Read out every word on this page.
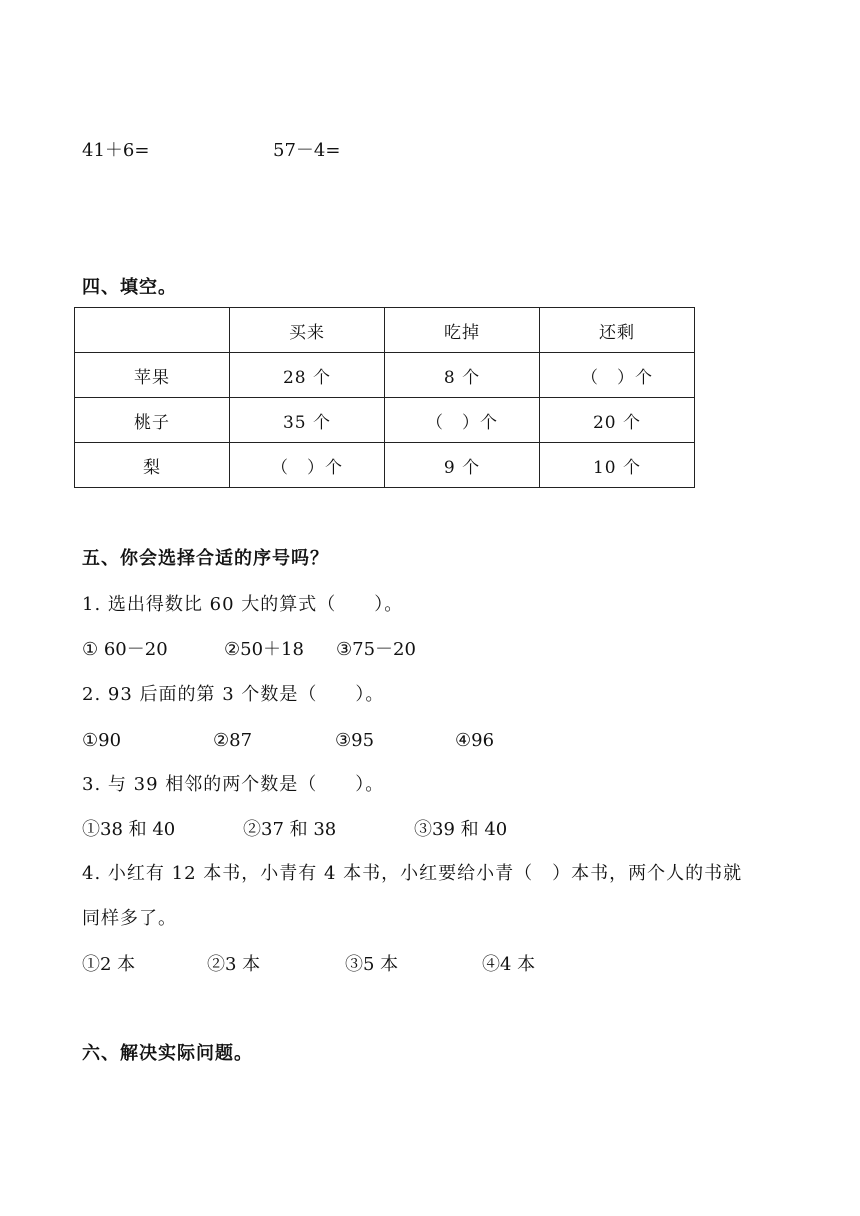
41＋6=	57－4=
四、填空。
	买来	吃掉	还剩
苹果	28 个	8 个	（　）个
桃子	35 个	（　）个	20 个
梨	（　）个	9 个	10 个
五、你会选择合适的序号吗？
1. 选出得数比 60 大的算式（　　）。
① 60－20	②50＋18 ③75－20
2. 93 后面的第 3 个数是（　　）。
①90	②87	③95	④96
3. 与 39 相邻的两个数是（　　）。
①38 和 40	②37 和 38	③39 和 40
4. 小红有 12 本书，小青有 4 本书，小红要给小青（　）本书，两个人的书就
同样多了。
①2 本	②3 本	③5 本	④4 本
六、解决实际问题。
